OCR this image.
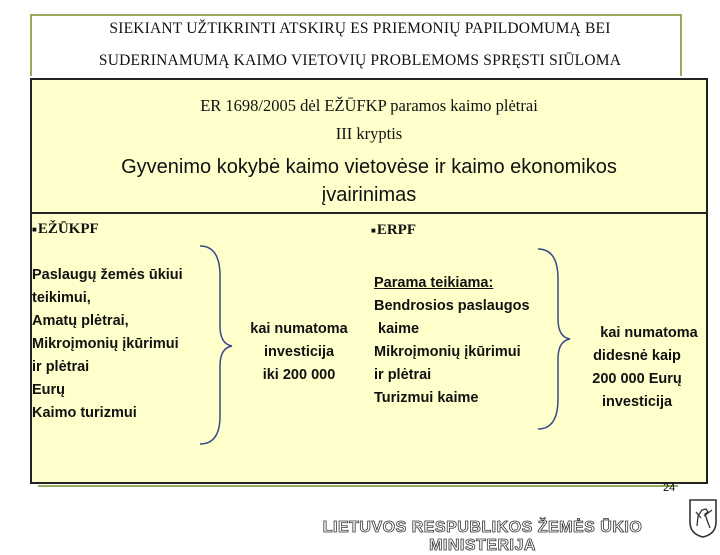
SIEKIANT UŽTIKRINTI ATSKIRŲ ES PRIEMONIŲ PAPILDOMUMĄ BEI
SUDERINAMUMĄ KAIMO VIETOVIŲ PROBLEMOMS SPRĘSTI SIŪLOMA
ER 1698/2005 dėl EŽŪFKP paramos kaimo plėtrai
III kryptis
Gyvenimo kokybė kaimo vietovėse ir kaimo ekonomikos
įvairinimas
■EŽŪKPF	■ERPF
Paslaugų žemės ūkiui
teikimui,
Amatų plėtrai,
Mikroįmonių įkūrimui
ir plėtrai
Eurų
Kaimo turizmui
kai numatoma
investicija
iki 200 000
Parama teikiama:
Bendrosios paslaugos
kaime
Mikroįmonių įkūrimui
ir plėtrai
Turizmui kaime
kai numatoma
didesnė kaip
200 000 Eurų
investicija
24
LIETUVOS RESPUBLIKOS ŽEMĖS ŪKIO MINISTERIJA
